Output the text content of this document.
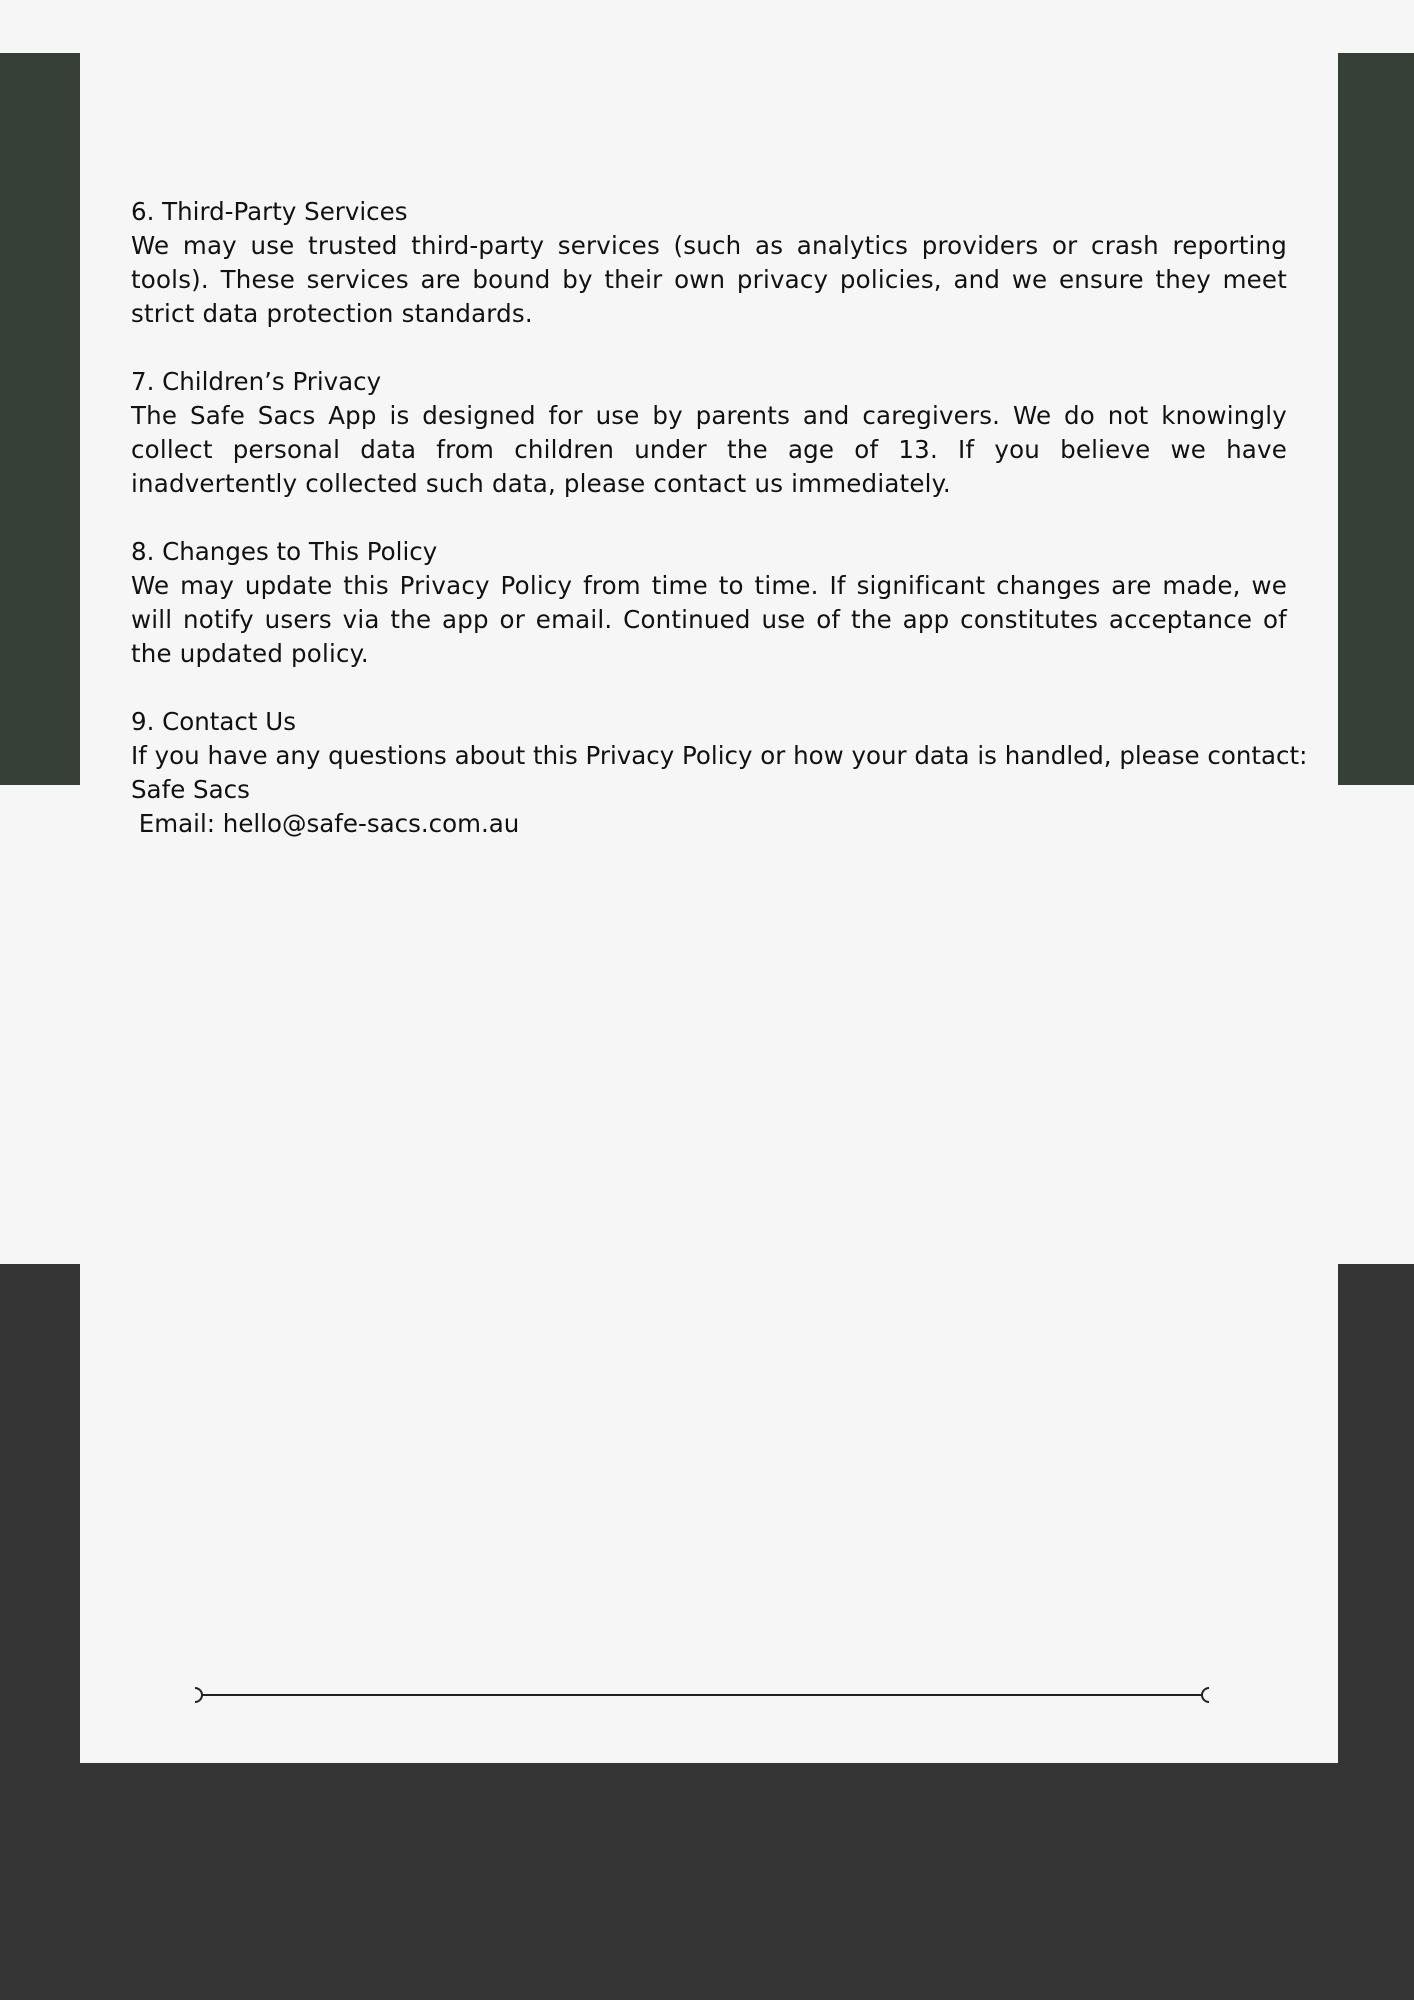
6. Third-Party Services

We may use trusted third-party services (such as analytics providers or crash reporting tools). These services are bound by their own privacy policies, and we ensure they meet strict data protection standards.

7. Children’s Privacy

The Safe Sacs App is designed for use by parents and caregivers. We do not knowingly collect personal data from children under the age of 13. If you believe we have inadvertently collected such data, please contact us immediately.

8. Changes to This Policy

We may update this Privacy Policy from time to time. If significant changes are made, we will notify users via the app or email. Continued use of the app constitutes acceptance of the updated policy.

9. Contact Us

If you have any questions about this Privacy Policy or how your data is handled, please contact:

Safe Sacs

Email: hello@safe-sacs.com.au
